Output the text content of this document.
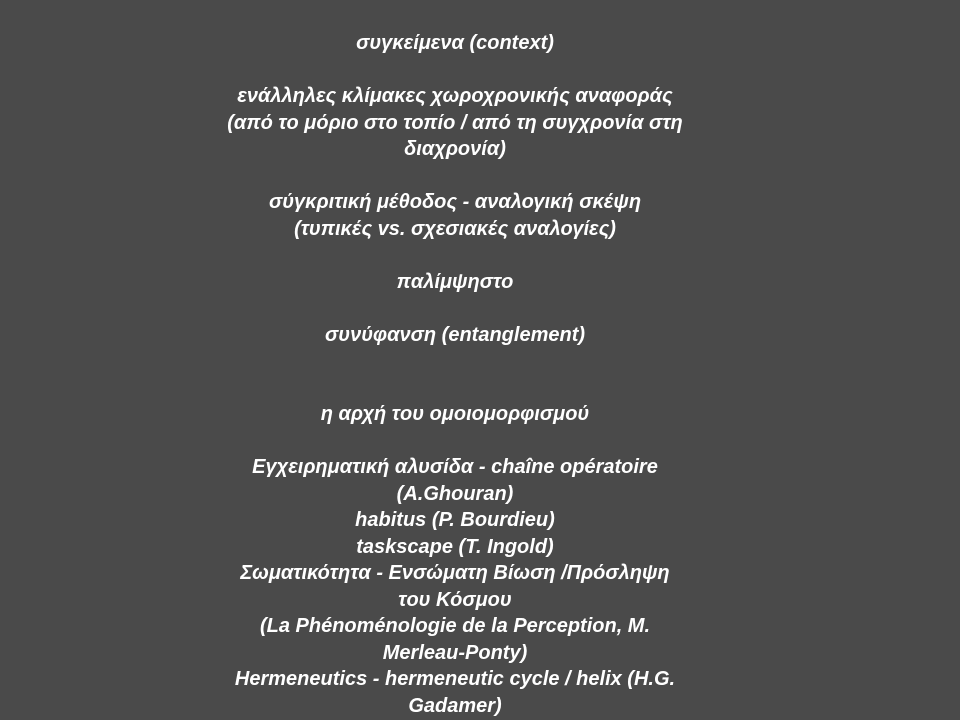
συγκείμενα (context)
ενάλληλες κλίμακες χωροχρονικής αναφοράς
(από το μόριο στο τοπίο / από τη συγχρονία στη
διαχρονία)
σύγκριτική μέθοδος - αναλογική σκέψη
(τυπικές vs. σχεσιακές αναλογίες)
παλίμψηστο
συνύφανση (entanglement)
η αρχή του ομοιομορφισμού
Εγχειρηματική αλυσίδα - chaîne opératoire
(A.Ghouran)
habitus (P. Bourdieu)
taskscape (T. Ingold)
Σωματικότητα - Ενσώματη Βίωση /Πρόσληψη
του Κόσμου
(La Phénoménologie de la Perception, M.
Merleau-Ponty)
Hermeneutics - hermeneutic cycle / helix (H.G.
Gadamer)
